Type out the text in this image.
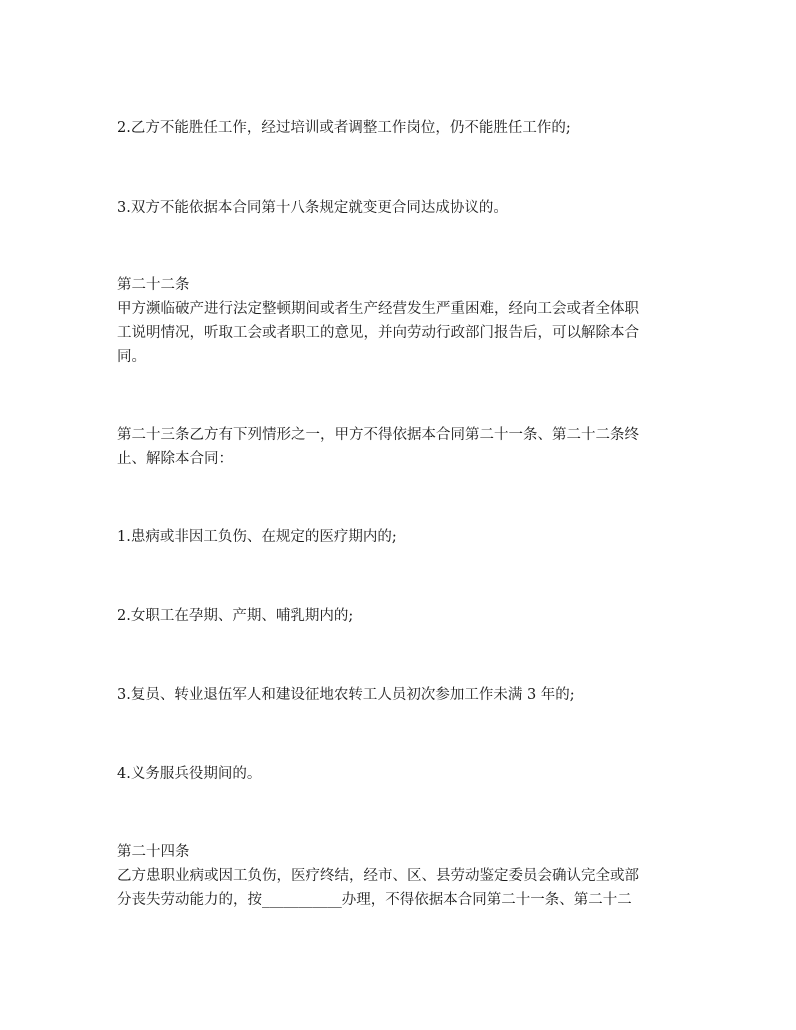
2.乙方不能胜任工作，经过培训或者调整工作岗位，仍不能胜任工作的;
3.双方不能依据本合同第十八条规定就变更合同达成协议的。
第二十二条
甲方濒临破产进行法定整顿期间或者生产经营发生严重困难，经向工会或者全体职
工说明情况，听取工会或者职工的意见，并向劳动行政部门报告后，可以解除本合
同。
第二十三条乙方有下列情形之一，甲方不得依据本合同第二十一条、第二十二条终
止、解除本合同：
1.患病或非因工负伤、在规定的医疗期内的;
2.女职工在孕期、产期、哺乳期内的;
3.复员、转业退伍军人和建设征地农转工人员初次参加工作未满 3 年的;
4.义务服兵役期间的。
第二十四条
乙方患职业病或因工负伤，医疗终结，经市、区、县劳动鉴定委员会确认完全或部
分丧失劳动能力的，按___________办理，不得依据本合同第二十一条、第二十二
